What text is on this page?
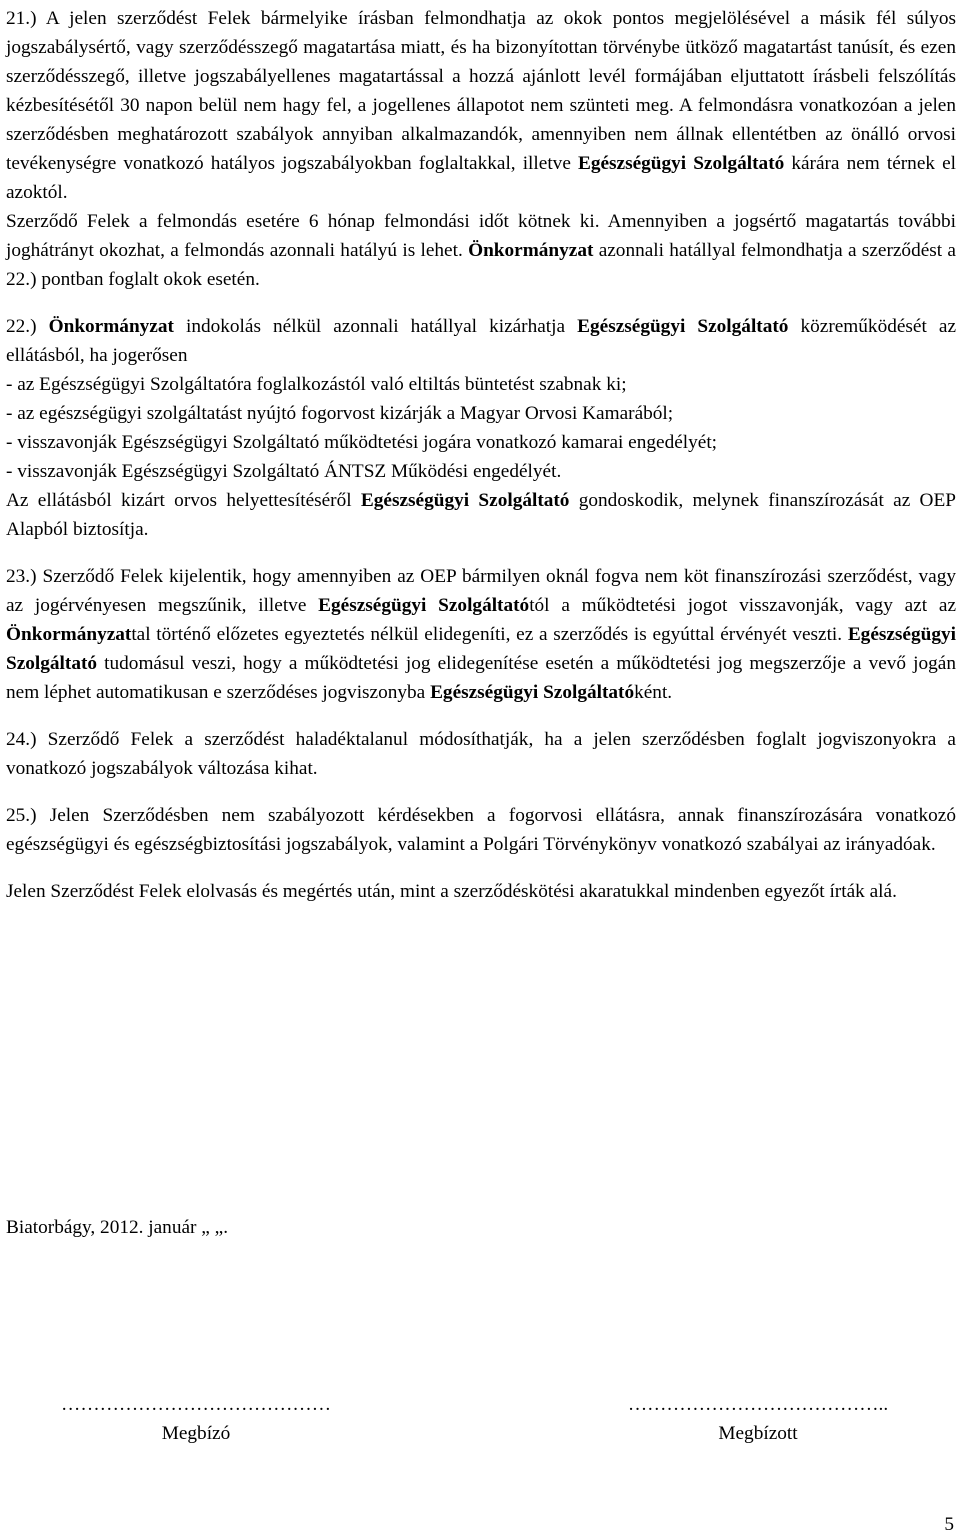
21.) A jelen szerződést Felek bármelyike írásban felmondhatja az okok pontos megjelölésével a másik fél súlyos jogszabálysértő, vagy szerződésszegő magatartása miatt, és ha bizonyítottan törvénybe ütköző magatartást tanúsít, és ezen szerződésszegő, illetve jogszabályellenes magatartással a hozzá ajánlott levél formájában eljuttatott írásbeli felszólítás kézbesítésétől 30 napon belül nem hagy fel, a jogellenes állapotot nem szünteti meg. A felmondásra vonatkozóan a jelen szerződésben meghatározott szabályok annyiban alkalmazandók, amennyiben nem állnak ellentétben az önálló orvosi tevékenységre vonatkozó hatályos jogszabályokban foglaltakkal, illetve Egészségügyi Szolgáltató kárára nem térnek el azoktól.

Szerződő Felek a felmondás esetére 6 hónap felmondási időt kötnek ki. Amennyiben a jogsértő magatartás további joghátrányt okozhat, a felmondás azonnali hatályú is lehet. Önkormányzat azonnali hatállyal felmondhatja a szerződést a 22.) pontban foglalt okok esetén.

22.) Önkormányzat indokolás nélkül azonnali hatállyal kizárhatja Egészségügyi Szolgáltató közreműködését az ellátásból, ha jogerősen

- az Egészségügyi Szolgáltatóra foglalkozástól való eltiltás büntetést szabnak ki;

- az egészségügyi szolgáltatást nyújtó fogorvost kizárják a Magyar Orvosi Kamarából;

- visszavonják Egészségügyi Szolgáltató működtetési jogára vonatkozó kamarai engedélyét;

- visszavonják Egészségügyi Szolgáltató ÁNTSZ Működési engedélyét.

Az ellátásból kizárt orvos helyettesítéséről Egészségügyi Szolgáltató gondoskodik, melynek finanszírozását az OEP Alapból biztosítja.

23.) Szerződő Felek kijelentik, hogy amennyiben az OEP bármilyen oknál fogva nem köt finanszírozási szerződést, vagy az jogérvényesen megszűnik, illetve Egészségügyi Szolgáltatótól a működtetési jogot visszavonják, vagy azt az Önkormányzattal történő előzetes egyeztetés nélkül elidegeníti, ez a szerződés is egyúttal érvényét veszti. Egészségügyi Szolgáltató tudomásul veszi, hogy a működtetési jog elidegenítése esetén a működtetési jog megszerzője a vevő jogán nem léphet automatikusan e szerződéses jogviszonyba Egészségügyi Szolgáltatóként.

24.) Szerződő Felek a szerződést haladéktalanul módosíthatják, ha a jelen szerződésben foglalt jogviszonyokra a vonatkozó jogszabályok változása kihat.

25.) Jelen Szerződésben nem szabályozott kérdésekben a fogorvosi ellátásra, annak finanszírozására vonatkozó egészségügyi és egészségbiztosítási jogszabályok, valamint a Polgári Törvénykönyv vonatkozó szabályai az irányadóak.

Jelen Szerződést Felek elolvasás és megértés után, mint a szerződéskötési akaratukkal mindenben egyezőt írták alá.

Biatorbágy, 2012. január „ „.
……………………………………
Megbízó
…………………………………..
Megbízott
5
